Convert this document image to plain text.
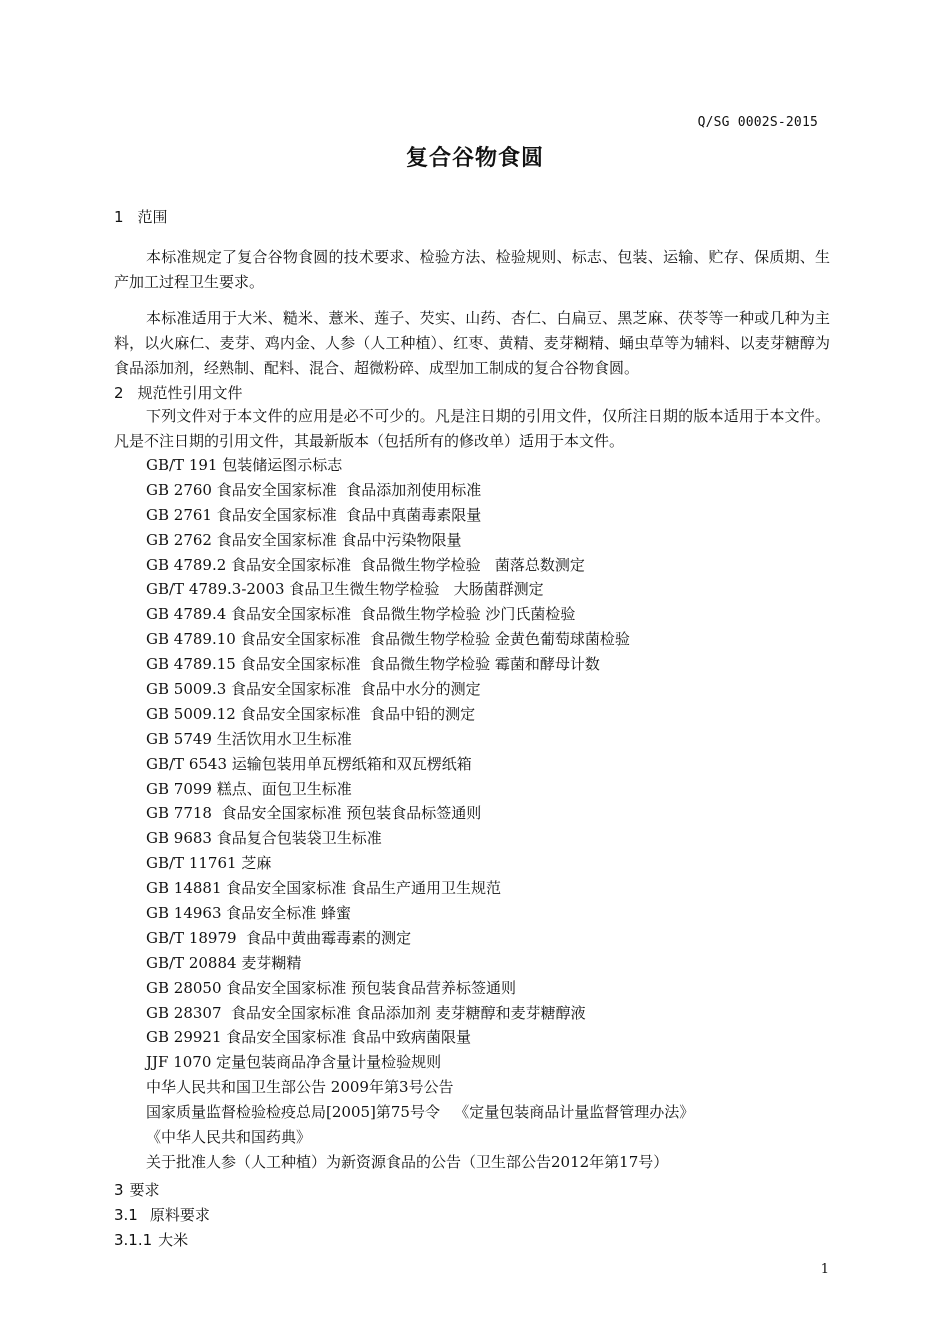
Q/SG 0002S-2015
复合谷物食圆
1 范围

本标准规定了复合谷物食圆的技术要求、检验方法、检验规则、标志、包装、运输、贮存、保质期、生产加工过程卫生要求。

本标准适用于大米、糙米、薏米、莲子、芡实、山药、杏仁、白扁豆、黑芝麻、茯苓等一种或几种为主料，以火麻仁、麦芽、鸡内金、人参（人工种植）、红枣、黄精、麦芽糊精、蛹虫草等为辅料、以麦芽糖醇为食品添加剂，经熟制、配料、混合、超微粉碎、成型加工制成的复合谷物食圆。

2 规范性引用文件

下列文件对于本文件的应用是必不可少的。凡是注日期的引用文件，仅所注日期的版本适用于本文件。凡是不注日期的引用文件，其最新版本（包括所有的修改单）适用于本文件。

GB/T 191 包装储运图示标志
GB 2760 食品安全国家标准  食品添加剂使用标准
GB 2761 食品安全国家标准  食品中真菌毒素限量
GB 2762 食品安全国家标准 食品中污染物限量
GB 4789.2 食品安全国家标准  食品微生物学检验   菌落总数测定
GB/T 4789.3-2003 食品卫生微生物学检验   大肠菌群测定
GB 4789.4 食品安全国家标准  食品微生物学检验 沙门氏菌检验
GB 4789.10 食品安全国家标准  食品微生物学检验 金黄色葡萄球菌检验
GB 4789.15 食品安全国家标准  食品微生物学检验 霉菌和酵母计数
GB 5009.3 食品安全国家标准  食品中水分的测定
GB 5009.12 食品安全国家标准  食品中铅的测定
GB 5749 生活饮用水卫生标准
GB/T 6543 运输包装用单瓦楞纸箱和双瓦楞纸箱
GB 7099 糕点、面包卫生标准
GB 7718  食品安全国家标准 预包装食品标签通则
GB 9683 食品复合包装袋卫生标准
GB/T 11761 芝麻
GB 14881 食品安全国家标准 食品生产通用卫生规范
GB 14963 食品安全标准 蜂蜜
GB/T 18979  食品中黄曲霉毒素的测定
GB/T 20884 麦芽糊精
GB 28050 食品安全国家标准 预包装食品营养标签通则
GB 28307  食品安全国家标准 食品添加剂 麦芽糖醇和麦芽糖醇液
GB 29921 食品安全国家标准 食品中致病菌限量
JJF 1070 定量包装商品净含量计量检验规则
中华人民共和国卫生部公告 2009年第3号公告
国家质量监督检验检疫总局[2005]第75号令   《定量包装商品计量监督管理办法》
《中华人民共和国药典》
关于批准人参（人工种植）为新资源食品的公告（卫生部公告2012年第17号）
3 要求
3.1 原料要求
3.1.1 大米
1
